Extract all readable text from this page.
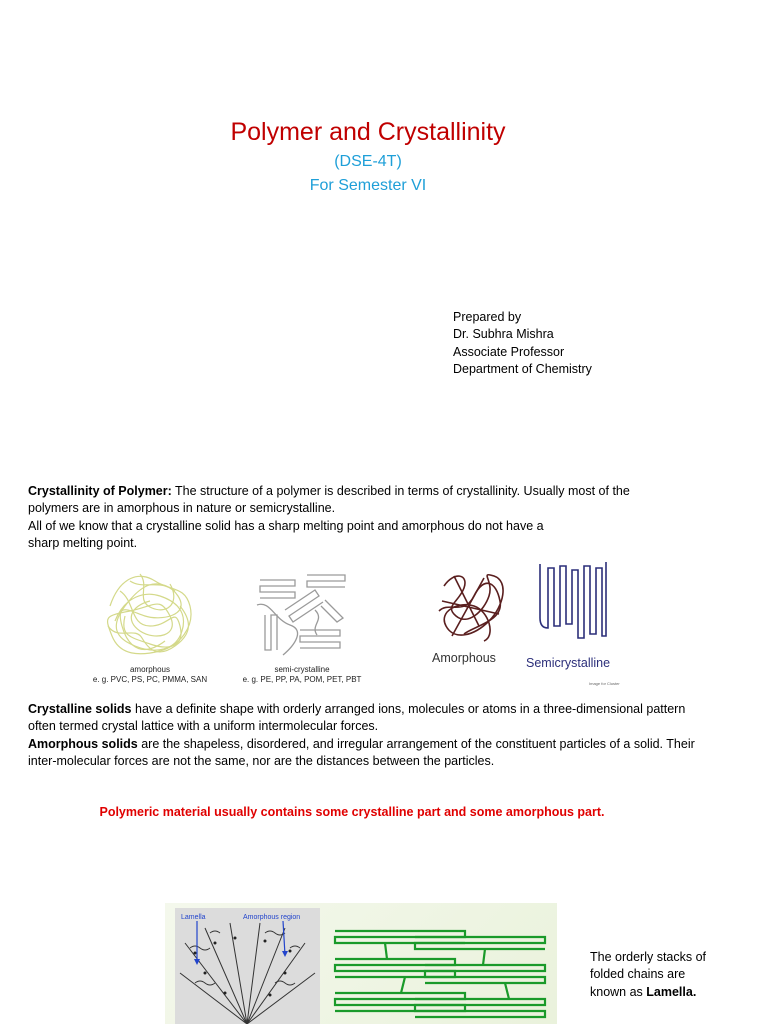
Polymer and Crystallinity
(DSE-4T)
For Semester VI
Prepared by
Dr. Subhra Mishra
Associate Professor
Department of Chemistry
Crystallinity of Polymer: The structure of a polymer is described in terms of crystallinity. Usually most of the
polymers are in amorphous in nature or semicrystalline.
All of we know that a crystalline solid has a sharp melting point and amorphous do not have a
sharp melting point.
amorphous
e. g. PVC, PS, PC, PMMA, SAN
semi-crystalline
e. g. PE, PP, PA, POM, PET, PBT
Amorphous Semicrystalline
Image for Cluster
Crystalline solids have a definite shape with orderly arranged ions, molecules or atoms in a three-dimensional pattern
often termed crystal lattice with a uniform intermolecular forces.
Amorphous solids are the shapeless, disordered, and irregular arrangement of the constituent particles of a solid. Their
inter-molecular forces are not the same, nor are the distances between the particles.
Polymeric material usually contains some crystalline part and some amorphous part.
Lamella	Amorphous region
The orderly stacks of
folded chains are
known as Lamella.
